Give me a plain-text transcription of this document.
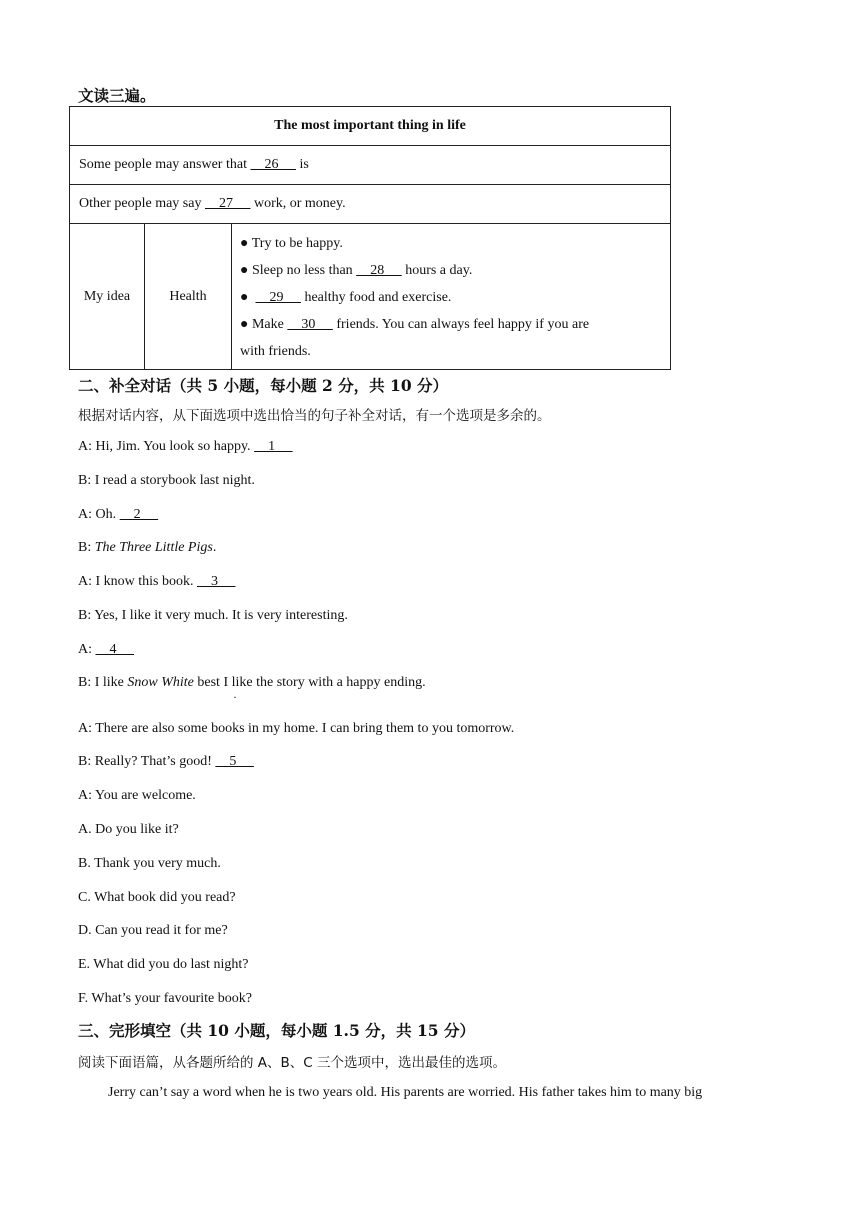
文读三遍。
The most important thing in life
Some people may answer that     26      is
Other people may say     27      work, or money.
My idea	Health	
● Try to be happy.
● Sleep no less than     28      hours a day.
●      29      healthy food and exercise.
● Make     30      friends. You can always feel happy if you are
with friends.
二、补全对话（共 5 小题，每小题 2 分，共 10 分）
根据对话内容，从下面选项中选出恰当的句子补全对话，有一个选项是多余的。
A: Hi, Jim. You look so happy.     1
B: I read a storybook last night.
A: Oh.     2
B: The Three Little Pigs.
A: I know this book.     3
B: Yes, I like it very much. It is very interesting.
A:     4
B: I like Snow White best I like the story with a happy ending.
·
A: There are also some books in my home. I can bring them to you tomorrow.
B: Really? That’s good!     5
A: You are welcome.
A. Do you like it?
B. Thank you very much.
C. What book did you read?
D. Can you read it for me?
E. What did you do last night?
F. What’s your favourite book?
三、完形填空（共 10 小题，每小题 1.5 分，共 15 分）
阅读下面语篇，从各题所给的 A、B、C 三个选项中，选出最佳的选项。
Jerry can’t say a word when he is two years old. His parents are worried. His father takes him to many big
